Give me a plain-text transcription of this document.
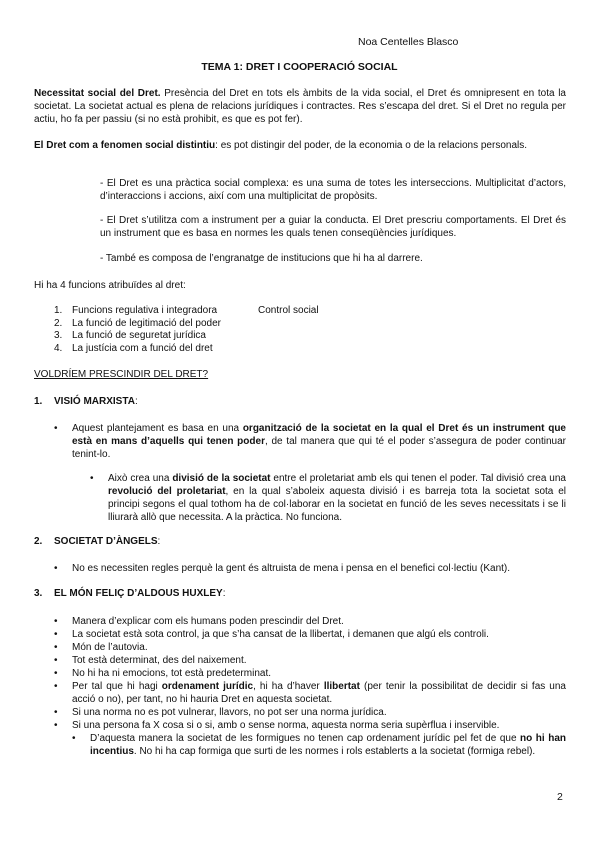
Noa Centelles Blasco
TEMA 1: DRET I COOPERACIÓ SOCIAL
Necessitat social del Dret. Presència del Dret en tots els àmbits de la vida social, el Dret és omnipresent en tota la societat. La societat actual es plena de relacions jurídiques i contractes. Res s’escapa del dret. Si el Dret no regula per actiu, ho fa per passiu (si no està prohibit, es que es pot fer).
El Dret com a fenomen social distintiu: es pot distingir del poder, de la economia o de la relacions personals.
- El Dret es una pràctica social complexa: es una suma de totes les interseccions. Multiplicitat d’actors, d’interaccions i accions, així com una multiplicitat de propòsits.
- El Dret s’utilitza com a instrument per a guiar la conducta. El Dret prescriu comportaments. El Dret és un instrument que es basa en normes les quals tenen conseqüències jurídiques.
- També es composa de l’engranatge de institucions que hi ha al darrere.
Hi ha 4 funcions atribuïdes al dret:
1. Funcions regulativa i integradora	Control social
2. La funció de legitimació del poder
3. La funció de seguretat jurídica
4. La justícia com a funció del dret
VOLDRÍEM PRESCINDIR DEL DRET?
1. VISIÓ MARXISTA:
• Aquest plantejament es basa en una organització de la societat en la qual el Dret és un instrument que està en mans d’aquells qui tenen poder, de tal manera que qui té el poder s’assegura de poder continuar tenint-lo.
• Això crea una divisió de la societat entre el proletariat amb els qui tenen el poder. Tal divisió crea una revolució del proletariat, en la qual s’aboleix aquesta divisió i es barreja tota la societat sota el principi segons el qual tothom ha de col·laborar en la societat en funció de les seves necessitats i se li lliurarà allò que necessita. A la pràctica. No funciona.
2. SOCIETAT D’ÀNGELS:
• No es necessiten regles perquè la gent és altruista de mena i pensa en el benefici col·lectiu (Kant).
3. EL MÓN FELIÇ D’ALDOUS HUXLEY:
• Manera d’explicar com els humans poden prescindir del Dret.
• La societat està sota control, ja que s’ha cansat de la llibertat, i demanen que algú els controli.
• Món de l’autovia.
• Tot està determinat, des del naixement.
• No hi ha ni emocions, tot està predeterminat.
• Per tal que hi hagi ordenament jurídic, hi ha d’haver llibertat (per tenir la possibilitat de decidir si fas una acció o no), per tant, no hi hauria Dret en aquesta societat.
• Si una norma no es pot vulnerar, llavors, no pot ser una norma jurídica.
• Si una persona fa X cosa si o si, amb o sense norma, aquesta norma seria supèrflua i inservible.
• D’aquesta manera la societat de les formigues no tenen cap ordenament jurídic pel fet de que no hi han incentius. No hi ha cap formiga que surti de les normes i rols establerts a la societat (formiga rebel).
2
